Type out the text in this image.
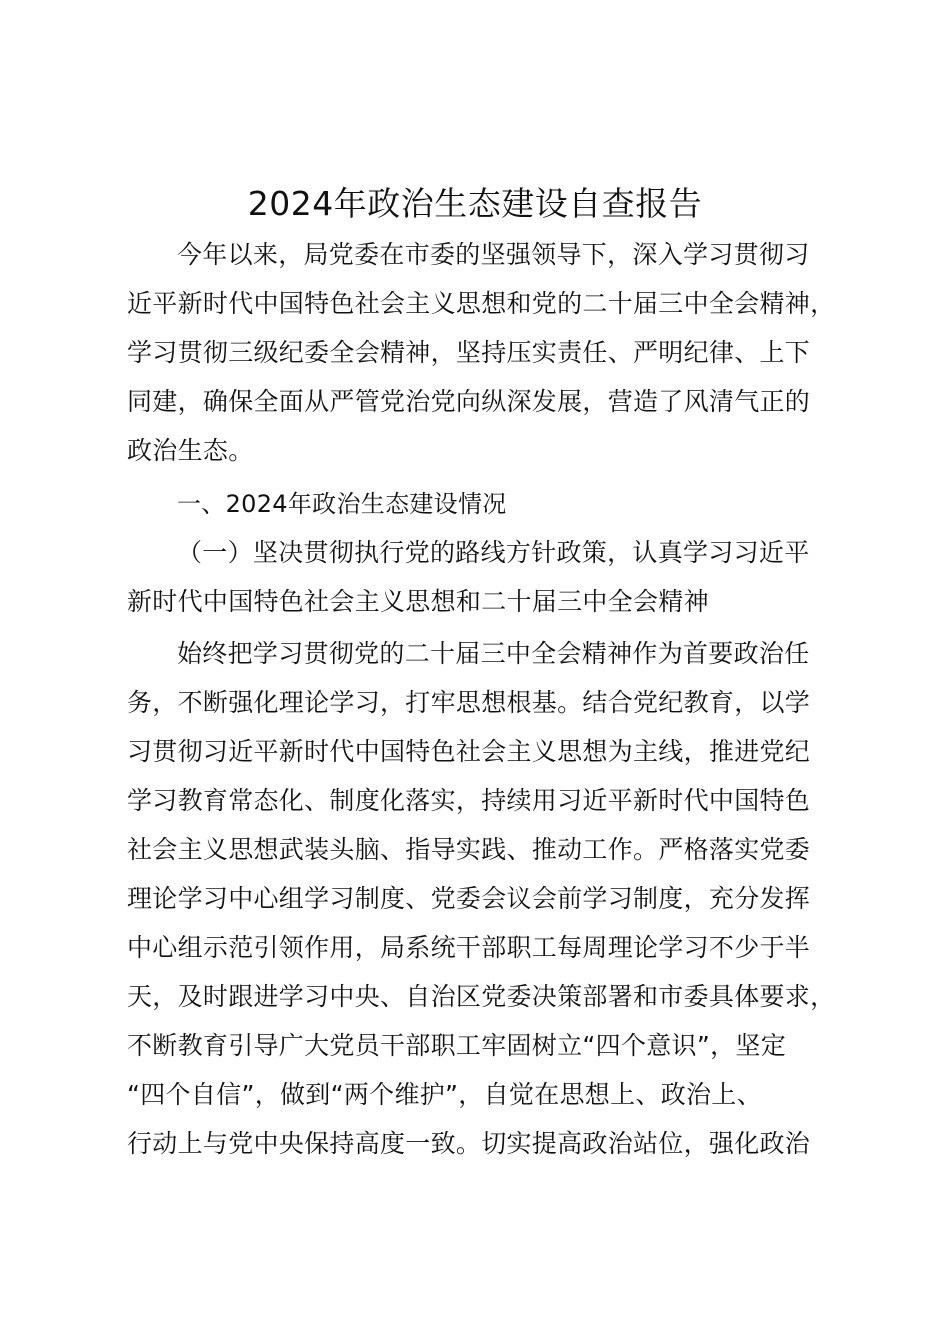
2024年政治生态建设自查报告
今年以来，局党委在市委的坚强领导下，深入学习贯彻习
近平新时代中国特色社会主义思想和党的二十届三中全会精神，
学习贯彻三级纪委全会精神，坚持压实责任、严明纪律、上下
同建，确保全面从严管党治党向纵深发展，营造了风清气正的
政治生态。
一、2024年政治生态建设情况
（一）坚决贯彻执行党的路线方针政策，认真学习习近平
新时代中国特色社会主义思想和二十届三中全会精神
始终把学习贯彻党的二十届三中全会精神作为首要政治任
务，不断强化理论学习，打牢思想根基。结合党纪教育，以学
习贯彻习近平新时代中国特色社会主义思想为主线，推进党纪
学习教育常态化、制度化落实，持续用习近平新时代中国特色
社会主义思想武装头脑、指导实践、推动工作。严格落实党委
理论学习中心组学习制度、党委会议会前学习制度，充分发挥
中心组示范引领作用，局系统干部职工每周理论学习不少于半
天，及时跟进学习中央、自治区党委决策部署和市委具体要求，
不断教育引导广大党员干部职工牢固树立“四个意识”，坚定
“四个自信”，做到“两个维护”，自觉在思想上、政治上、
行动上与党中央保持高度一致。切实提高政治站位，强化政治
